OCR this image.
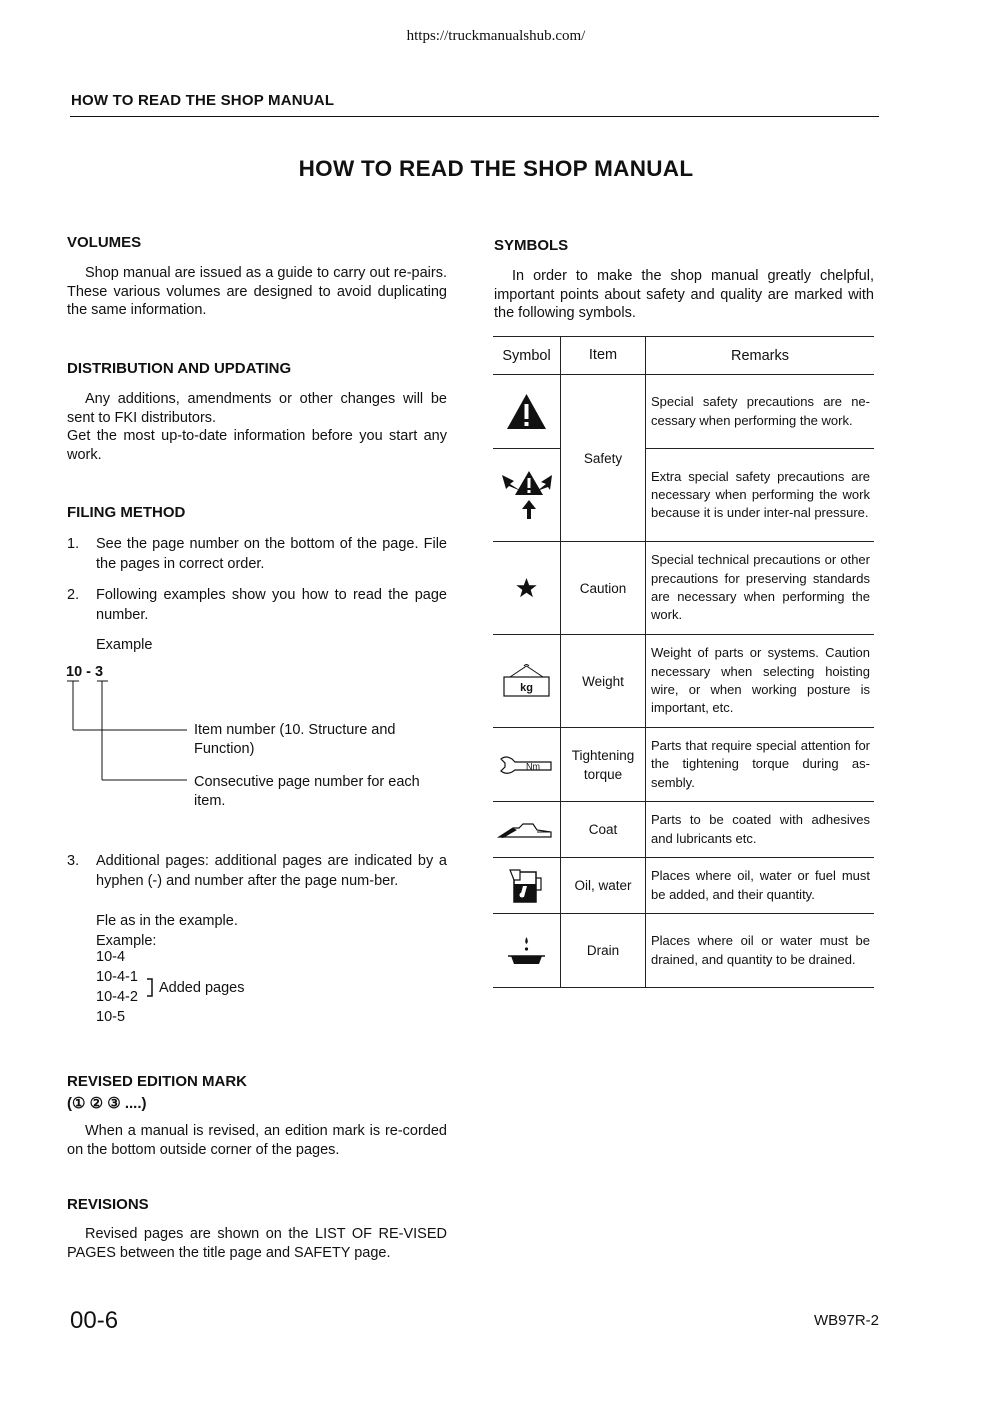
https://truckmanualshub.com/
HOW TO READ THE SHOP MANUAL
HOW TO READ THE SHOP MANUAL
VOLUMES
Shop manual are issued as a guide to carry out re-pairs. These various volumes are designed to avoid duplicating the same information.
DISTRIBUTION AND UPDATING
Any additions, amendments or other changes will be sent to FKI distributors.
Get the most up-to-date information before you start any work.
FILING METHOD
1. See the page number on the bottom of the page. File the pages in correct order.
2. Following examples show you how to read the page number.
Example
10 - 3
Item number (10. Structure and Function)
Consecutive page number for each item.
3. Additional pages: additional pages are indicated by a hyphen (-) and number after the page num-ber.
Fle as in the example.
Example:
10-4
10-4-1
10-4-2
10-5
Added pages
REVISED EDITION MARK
(① ② ③ ....)
When a manual is revised, an edition mark is re-corded on the bottom outside corner of the pages.
REVISIONS
Revised pages are shown on the LIST OF RE-VISED PAGES between the title page and SAFETY page.
SYMBOLS
In order to make the shop manual greatly chelpful, important points about safety and quality are marked with the following symbols.
Symbol	Item	Remarks

	Safety	Special safety precautions are ne-cessary when performing the work.

	Extra special safety precautions are necessary when performing the work because it is under inter-nal pressure.

	Caution	Special technical precautions or other precautions for preserving standards are necessary when performing the work.

kg	Weight	Weight of parts or systems. Caution necessary when selecting hoisting wire, or when working posture is important, etc.

Nm	Tightening torque	Parts that require special attention for the tightening torque during as-sembly.

	Coat	Parts to be coated with adhesives and lubricants etc.

	Oil, water	Places where oil, water or fuel must be added, and their quantity.

	Drain	Places where oil or water must be drained, and quantity to be drained.
00-6	WB97R-2
